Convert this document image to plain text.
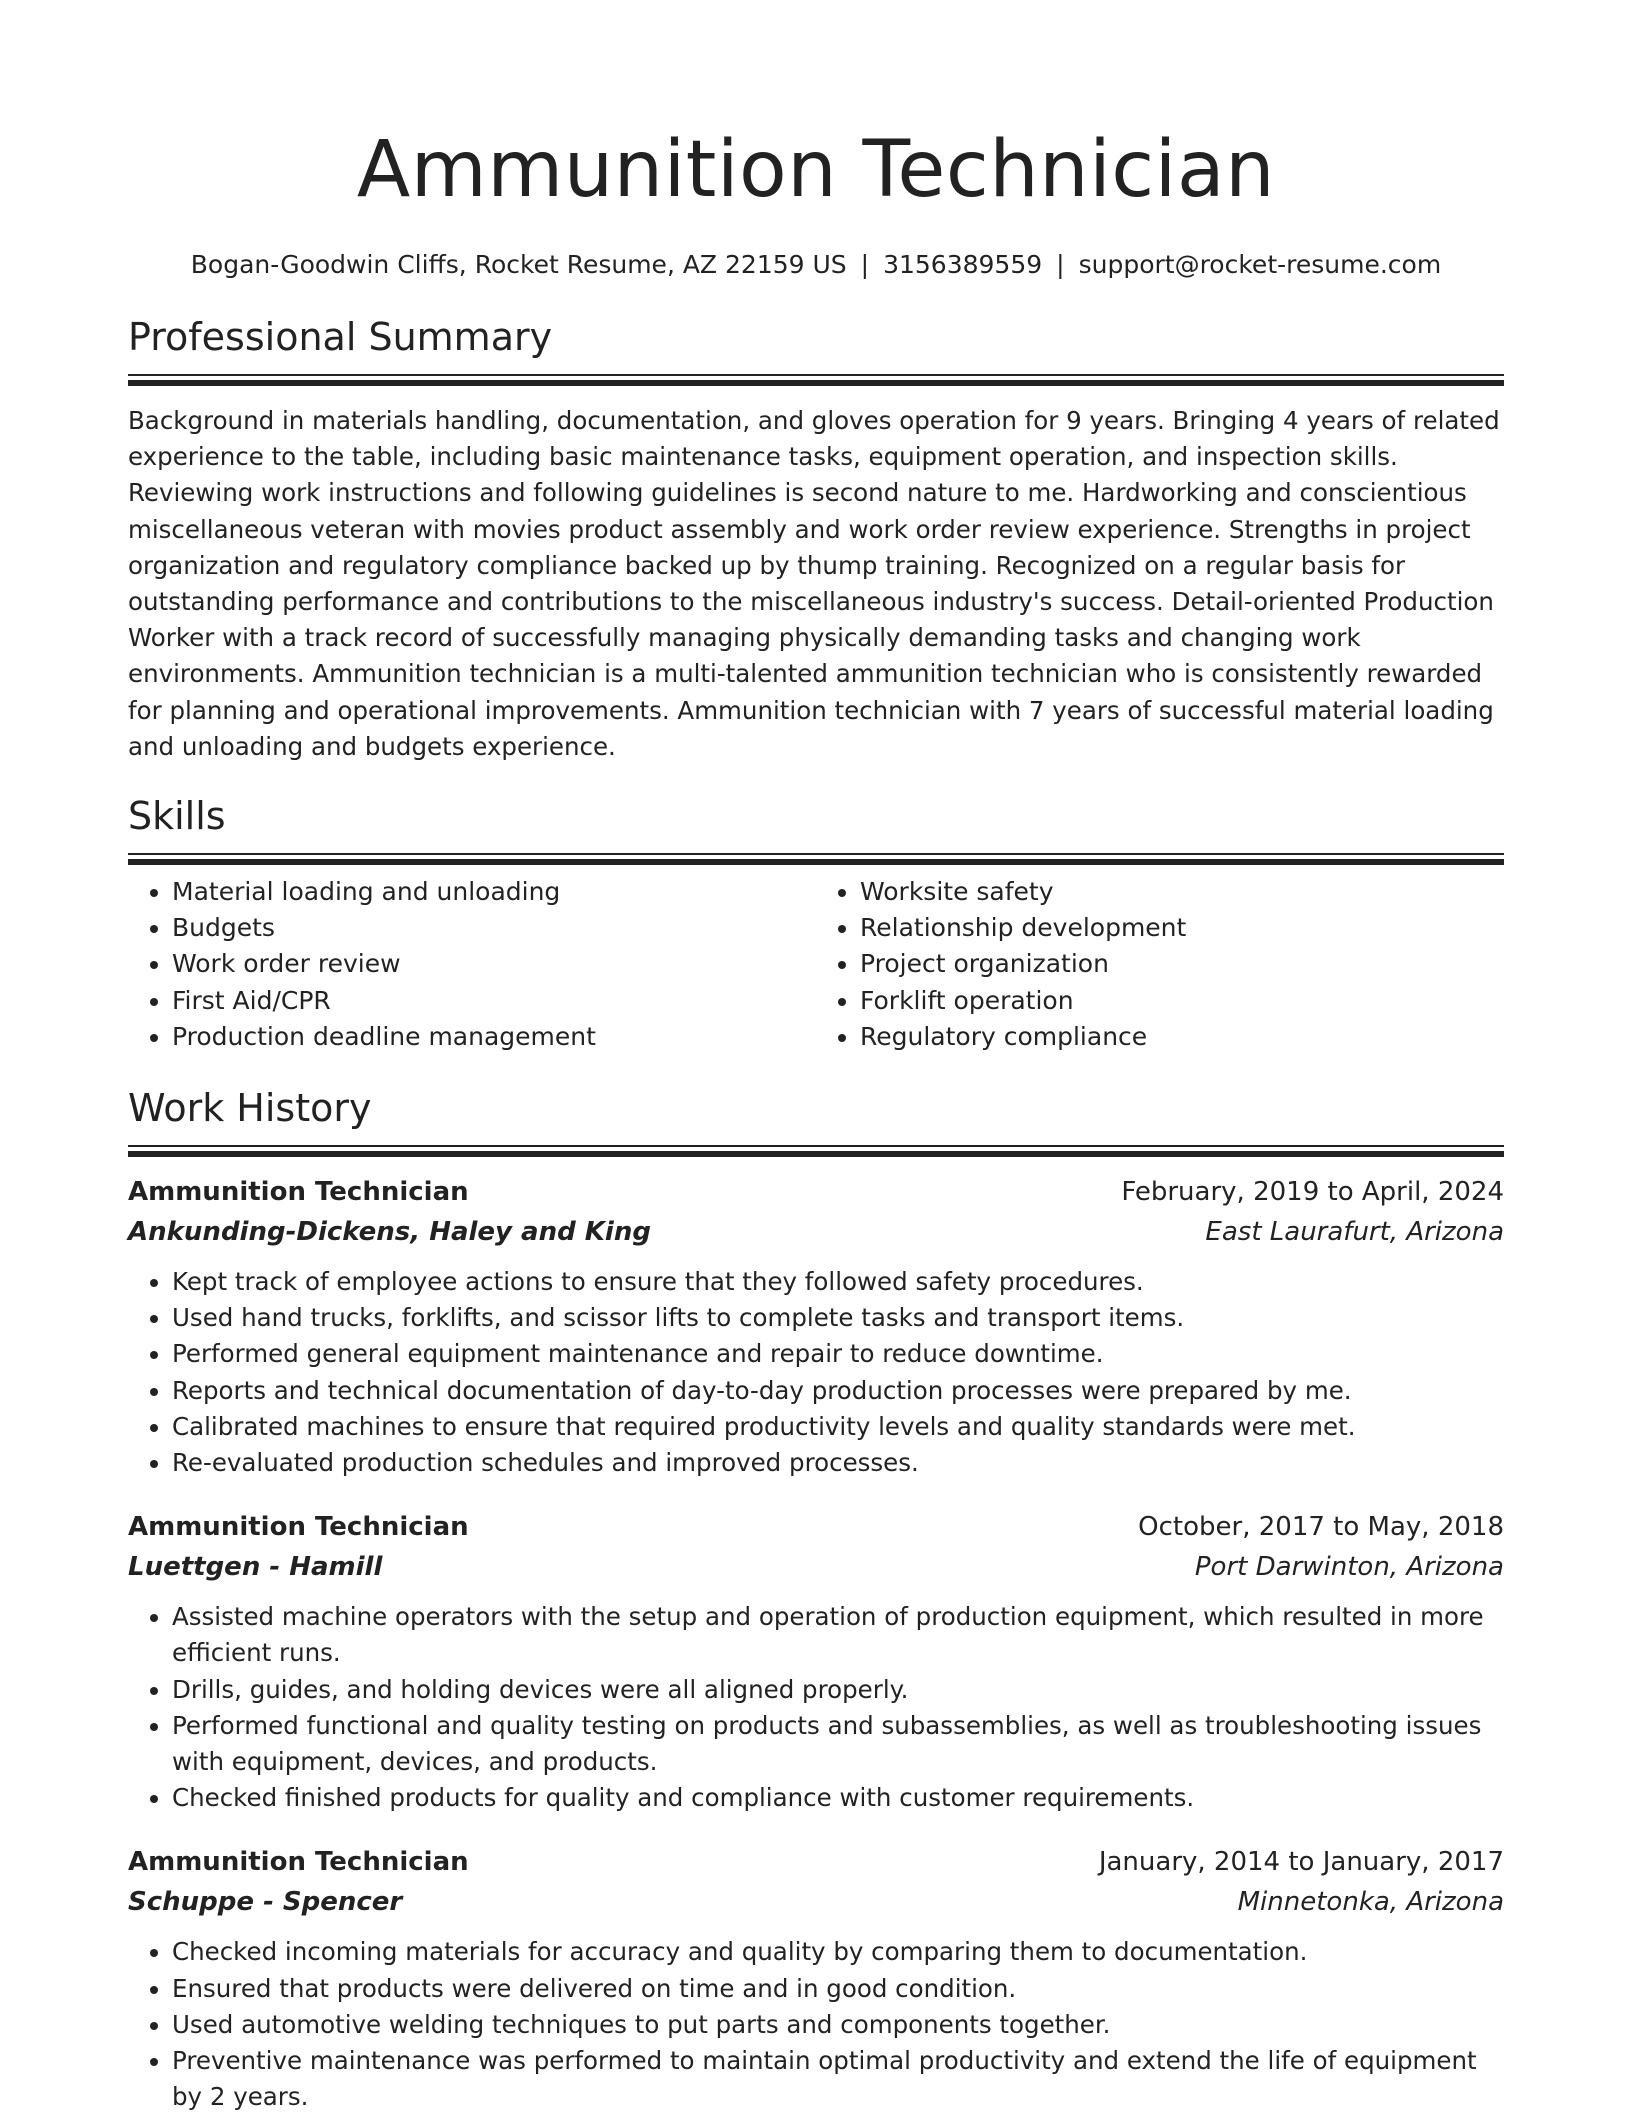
Ammunition Technician
Bogan-Goodwin Cliffs, Rocket Resume, AZ 22159 US | 3156389559 | support@rocket-resume.com
Professional Summary
Background in materials handling, documentation, and gloves operation for 9 years. Bringing 4 years of related experience to the table, including basic maintenance tasks, equipment operation, and inspection skills. Reviewing work instructions and following guidelines is second nature to me. Hardworking and conscientious miscellaneous veteran with movies product assembly and work order review experience. Strengths in project organization and regulatory compliance backed up by thump training. Recognized on a regular basis for outstanding performance and contributions to the miscellaneous industry's success. Detail-oriented Production Worker with a track record of successfully managing physically demanding tasks and changing work environments. Ammunition technician is a multi-talented ammunition technician who is consistently rewarded for planning and operational improvements. Ammunition technician with 7 years of successful material loading and unloading and budgets experience.
Skills
• Material loading and unloading
• Budgets
• Work order review
• First Aid/CPR
• Production deadline management
• Worksite safety
• Relationship development
• Project organization
• Forklift operation
• Regulatory compliance
Work History
Ammunition Technician	February, 2019 to April, 2024
Ankunding-Dickens, Haley and King	East Laurafurt, Arizona
• Kept track of employee actions to ensure that they followed safety procedures.
• Used hand trucks, forklifts, and scissor lifts to complete tasks and transport items.
• Performed general equipment maintenance and repair to reduce downtime.
• Reports and technical documentation of day-to-day production processes were prepared by me.
• Calibrated machines to ensure that required productivity levels and quality standards were met.
• Re-evaluated production schedules and improved processes.
Ammunition Technician	October, 2017 to May, 2018
Luettgen - Hamill	Port Darwinton, Arizona
• Assisted machine operators with the setup and operation of production equipment, which resulted in more efficient runs.
• Drills, guides, and holding devices were all aligned properly.
• Performed functional and quality testing on products and subassemblies, as well as troubleshooting issues with equipment, devices, and products.
• Checked finished products for quality and compliance with customer requirements.
Ammunition Technician	January, 2014 to January, 2017
Schuppe - Spencer	Minnetonka, Arizona
• Checked incoming materials for accuracy and quality by comparing them to documentation.
• Ensured that products were delivered on time and in good condition.
• Used automotive welding techniques to put parts and components together.
• Preventive maintenance was performed to maintain optimal productivity and extend the life of equipment by 2 years.
